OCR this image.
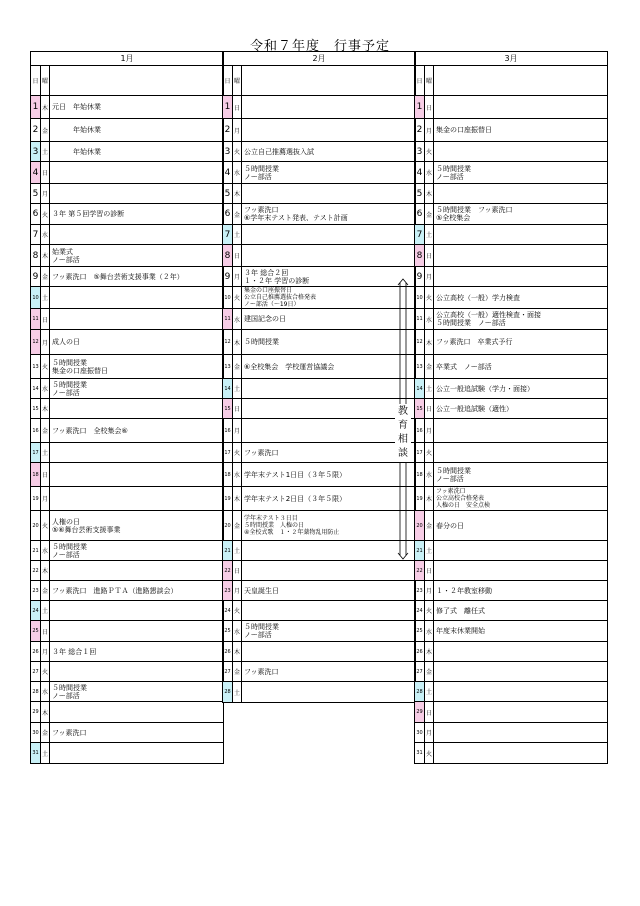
令和７年度　行事予定
1月	2月	3月
日 曜
1 木 元日　年始休業
2 金 　　　年始休業
3 土 　　　年始休業
4 日
5 月
6 火 ３年 第５回学習の診断
7 水
8 木
始業式
ノー部活
9 金 フッ素洗口　⑤舞台芸術支援事業（２年）
10 土
11 日
12 月 成人の日
13 火
５時間授業
集金の口座振替日
14 水
５時間授業
ノー部活
15 木
16 金 フッ素洗口　全校集会⑥
17 土
18 日
19 月
20 火
人権の日
⑤⑥舞台芸術支援事業
21 水
５時間授業
ノー部活
22 木
23 金 フッ素洗口　進路ＰＴＡ（進路懇談会）
24 土
25 日
26 月 ３年 総合１回
27 火
28 水
５時間授業
ノー部活
29 木
30 金 フッ素洗口
31 土
日 曜
1 日
2 月
3 火 公立自己推薦選抜入試
4 水
５時間授業
ノー部活
5 木
6 金
フッ素洗口
⑥学年末テスト発表、テスト計画
7 土
8 日
9 月
３年 総合２回
１・２年 学習の診断
10 火
集金の口座振替日
公立自己推薦選抜合格発表
ノー部活（～19日）
11 水 建国記念の日
12 木 ５時間授業
13 金 ⑥全校集会　学校運営協議会
14 土
15 日
16 月
17 火 フッ素洗口
18 水 学年末テスト1日目（３年５限）
19 木 学年末テスト2日目（３年５限）
20 金
学年末テスト３日目
５時間授業　人権の日
④全校式歌　１・２年薬物乱用防止
21 土
22 日
23 月 天皇誕生日
24 火
25 水
５時間授業
ノー部活
26 木
27 金 フッ素洗口
28 土
日 曜
1 日
2 月 集金の口座振替日
3 火
4 水
５時間授業
ノー部活
5 木
6 金
５時間授業　フッ素洗口
⑤全校集会
7 土
8 日
9 月
10 火 公立高校（一般）学力検査
11 水
公立高校（一般）適性検査・面接
５時間授業　ノー部活
12 木 フッ素洗口　卒業式予行
13 金 卒業式　ノー部活
14 土 公立一般追試験（学力・面接）
15 日 公立一般追試験（適性）
16 月
17 火
18 水
５時間授業
ノー部活
19 木
フッ素洗口
公立高校合格発表
人権の日　安全点検
20 金 春分の日
21 土
22 日
23 月 １・２年教室移動
24 火 修了式　離任式
25 水 年度末休業開始
26 木
27 金
28 土
29 日
30 月
31 火
教
育
相
談
